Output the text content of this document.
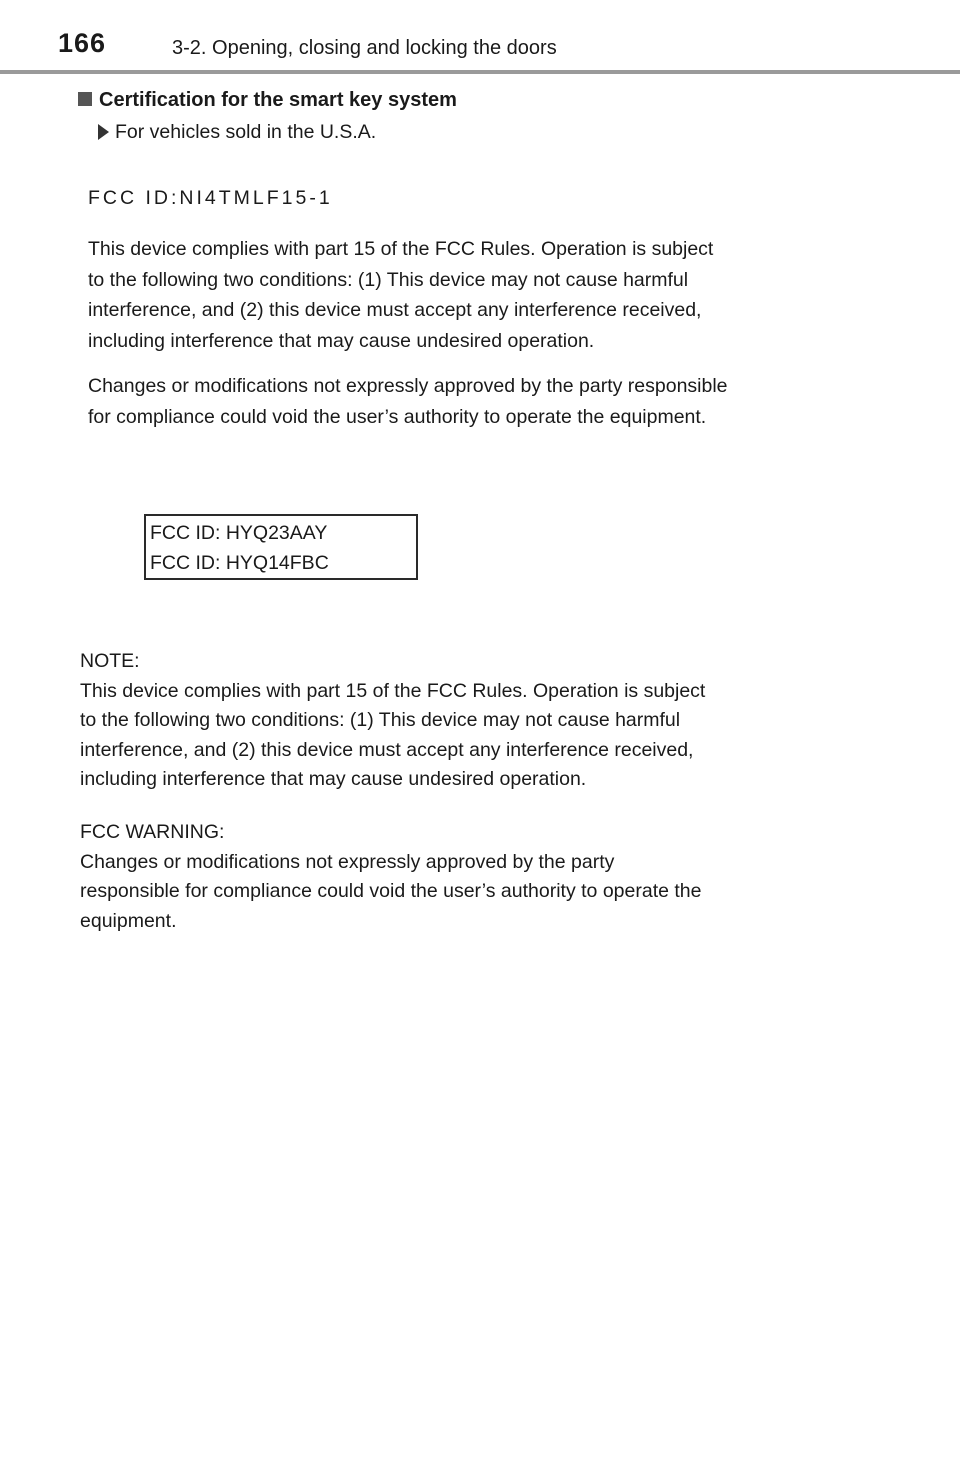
166	3-2. Opening, closing and locking the doors
Certification for the smart key system
For vehicles sold in the U.S.A.
FCC ID:NI4TMLF15-1
This device complies with part 15 of the FCC Rules. Operation is subject
to the following two conditions: (1) This device may not cause harmful
interference, and (2) this device must accept any interference received,
including interference that may cause undesired operation.
Changes or modifications not expressly approved by the party responsible
for compliance could void the user’s authority to operate the equipment.
FCC ID: HYQ23AAY
FCC ID: HYQ14FBC
NOTE:
This device complies with part 15 of the FCC Rules. Operation is subject
to the following two conditions: (1) This device may not cause harmful
interference, and (2) this device must accept any interference received,
including interference that may cause undesired operation.
FCC WARNING:
Changes or modifications not expressly approved by the party
responsible for compliance could void the user’s authority to operate the
equipment.
